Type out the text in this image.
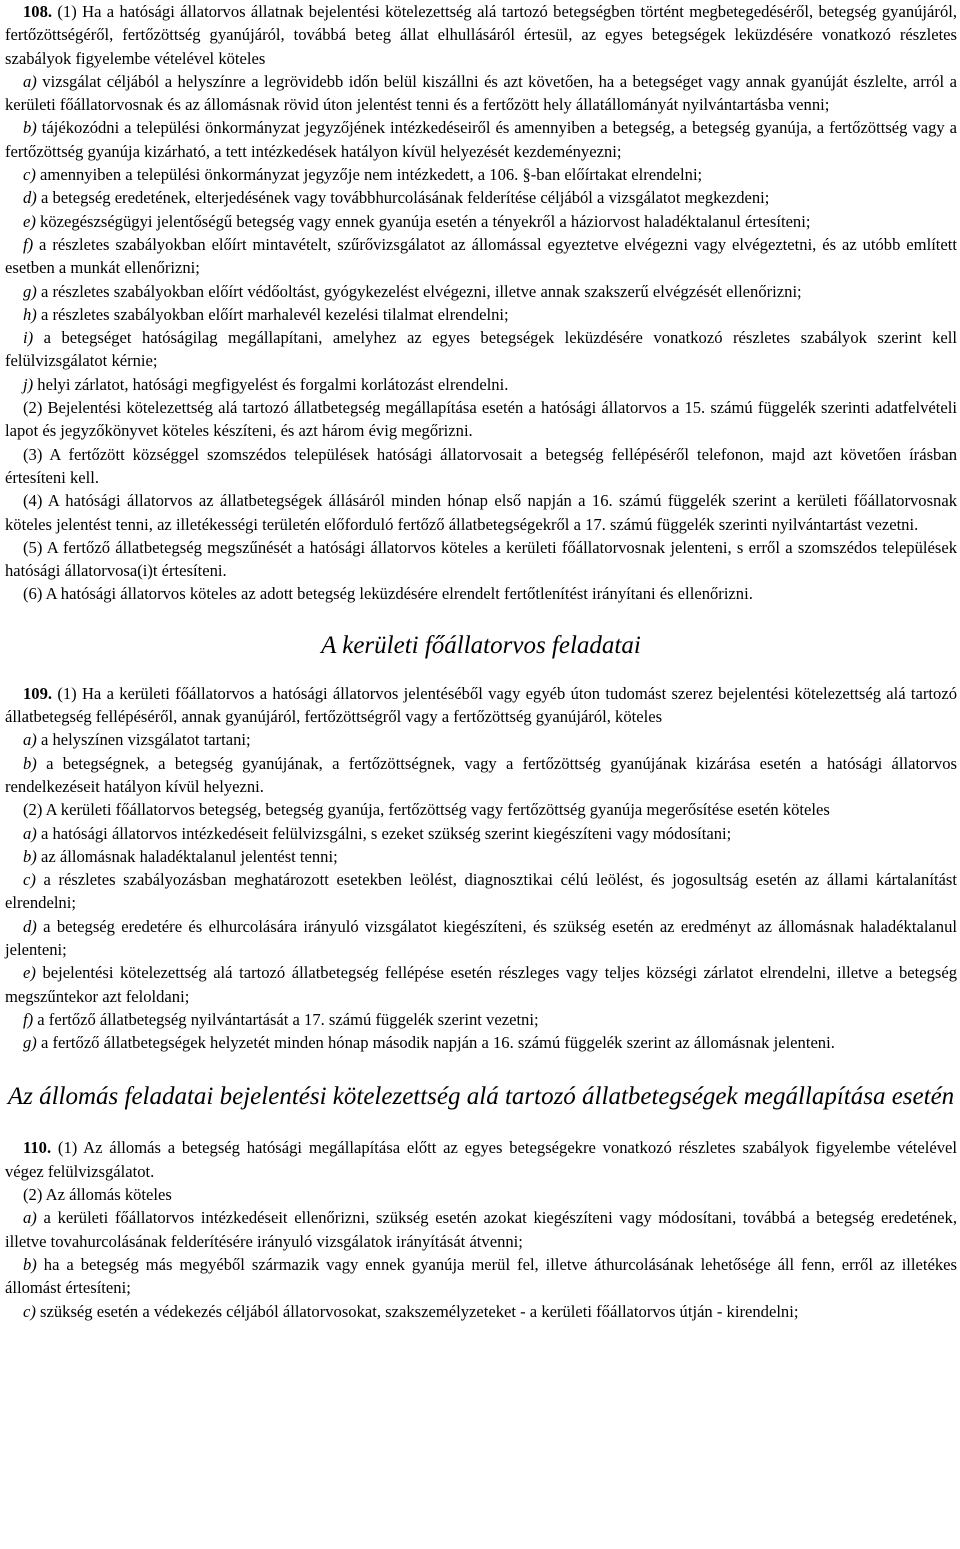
108. (1) Ha a hatósági állatorvos állatnak bejelentési kötelezettség alá tartozó betegségben történt megbetegedéséről, betegség gyanújáról, fertőzöttségéről, fertőzöttség gyanújáról, továbbá beteg állat elhullásáról értesül, az egyes betegségek leküzdésére vonatkozó részletes szabályok figyelembe vételével köteles

a) vizsgálat céljából a helyszínre a legrövidebb időn belül kiszállni és azt követően, ha a betegséget vagy annak gyanúját észlelte, arról a kerületi főállatorvosnak és az állomásnak rövid úton jelentést tenni és a fertőzött hely állatállományát nyilvántartásba venni;

b) tájékozódni a települési önkormányzat jegyzőjének intézkedéseiről és amennyiben a betegség, a betegség gyanúja, a fertőzöttség vagy a fertőzöttség gyanúja kizárható, a tett intézkedések hatályon kívül helyezését kezdeményezni;

c) amennyiben a települési önkormányzat jegyzője nem intézkedett, a 106. §-ban előírtakat elrendelni;

d) a betegség eredetének, elterjedésének vagy továbbhurcolásának felderítése céljából a vizsgálatot megkezdeni;

e) közegészségügyi jelentőségű betegség vagy ennek gyanúja esetén a tényekről a háziorvost haladéktalanul értesíteni;

f) a részletes szabályokban előírt mintavételt, szűrővizsgálatot az állomással egyeztetve elvégezni vagy elvégeztetni, és az utóbb említett esetben a munkát ellenőrizni;

g) a részletes szabályokban előírt védőoltást, gyógykezelést elvégezni, illetve annak szakszerű elvégzését ellenőrizni;

h) a részletes szabályokban előírt marhalevél kezelési tilalmat elrendelni;

i) a betegséget hatóságilag megállapítani, amelyhez az egyes betegségek leküzdésére vonatkozó részletes szabályok szerint kell felülvizsgálatot kérnie;

j) helyi zárlatot, hatósági megfigyelést és forgalmi korlátozást elrendelni.

(2) Bejelentési kötelezettség alá tartozó állatbetegség megállapítása esetén a hatósági állatorvos a 15. számú függelék szerinti adatfelvételi lapot és jegyzőkönyvet köteles készíteni, és azt három évig megőrizni.

(3) A fertőzött községgel szomszédos települések hatósági állatorvosait a betegség fellépéséről telefonon, majd azt követően írásban értesíteni kell.

(4) A hatósági állatorvos az állatbetegségek állásáról minden hónap első napján a 16. számú függelék szerint a kerületi főállatorvosnak köteles jelentést tenni, az illetékességi területén előforduló fertőző állatbetegségekről a 17. számú függelék szerinti nyilvántartást vezetni.

(5) A fertőző állatbetegség megszűnését a hatósági állatorvos köteles a kerületi főállatorvosnak jelenteni, s erről a szomszédos települések hatósági állatorvosa(i)t értesíteni.

(6) A hatósági állatorvos köteles az adott betegség leküzdésére elrendelt fertőtlenítést irányítani és ellenőrizni.

A kerületi főállatorvos feladatai

109. (1) Ha a kerületi főállatorvos a hatósági állatorvos jelentéséből vagy egyéb úton tudomást szerez bejelentési kötelezettség alá tartozó állatbetegség fellépéséről, annak gyanújáról, fertőzöttségről vagy a fertőzöttség gyanújáról, köteles

a) a helyszínen vizsgálatot tartani;

b) a betegségnek, a betegség gyanújának, a fertőzöttségnek, vagy a fertőzöttség gyanújának kizárása esetén a hatósági állatorvos rendelkezéseit hatályon kívül helyezni.

(2) A kerületi főállatorvos betegség, betegség gyanúja, fertőzöttség vagy fertőzöttség gyanúja megerősítése esetén köteles

a) a hatósági állatorvos intézkedéseit felülvizsgálni, s ezeket szükség szerint kiegészíteni vagy módosítani;

b) az állomásnak haladéktalanul jelentést tenni;

c) a részletes szabályozásban meghatározott esetekben leölést, diagnosztikai célú leölést, és jogosultság esetén az állami kártalanítást elrendelni;

d) a betegség eredetére és elhurcolására irányuló vizsgálatot kiegészíteni, és szükség esetén az eredményt az állomásnak haladéktalanul jelenteni;

e) bejelentési kötelezettség alá tartozó állatbetegség fellépése esetén részleges vagy teljes községi zárlatot elrendelni, illetve a betegség megszűntekor azt feloldani;

f) a fertőző állatbetegség nyilvántartását a 17. számú függelék szerint vezetni;

g) a fertőző állatbetegségek helyzetét minden hónap második napján a 16. számú függelék szerint az állomásnak jelenteni.

Az állomás feladatai bejelentési kötelezettség alá tartozó állatbetegségek megállapítása esetén

110. (1) Az állomás a betegség hatósági megállapítása előtt az egyes betegségekre vonatkozó részletes szabályok figyelembe vételével végez felülvizsgálatot.

(2) Az állomás köteles

a) a kerületi főállatorvos intézkedéseit ellenőrizni, szükség esetén azokat kiegészíteni vagy módosítani, továbbá a betegség eredetének, illetve tovahurcolásának felderítésére irányuló vizsgálatok irányítását átvenni;

b) ha a betegség más megyéből származik vagy ennek gyanúja merül fel, illetve áthurcolásának lehetősége áll fenn, erről az illetékes állomást értesíteni;

c) szükség esetén a védekezés céljából állatorvosokat, szakszemélyzeteket - a kerületi főállatorvos útján - kirendelni;
